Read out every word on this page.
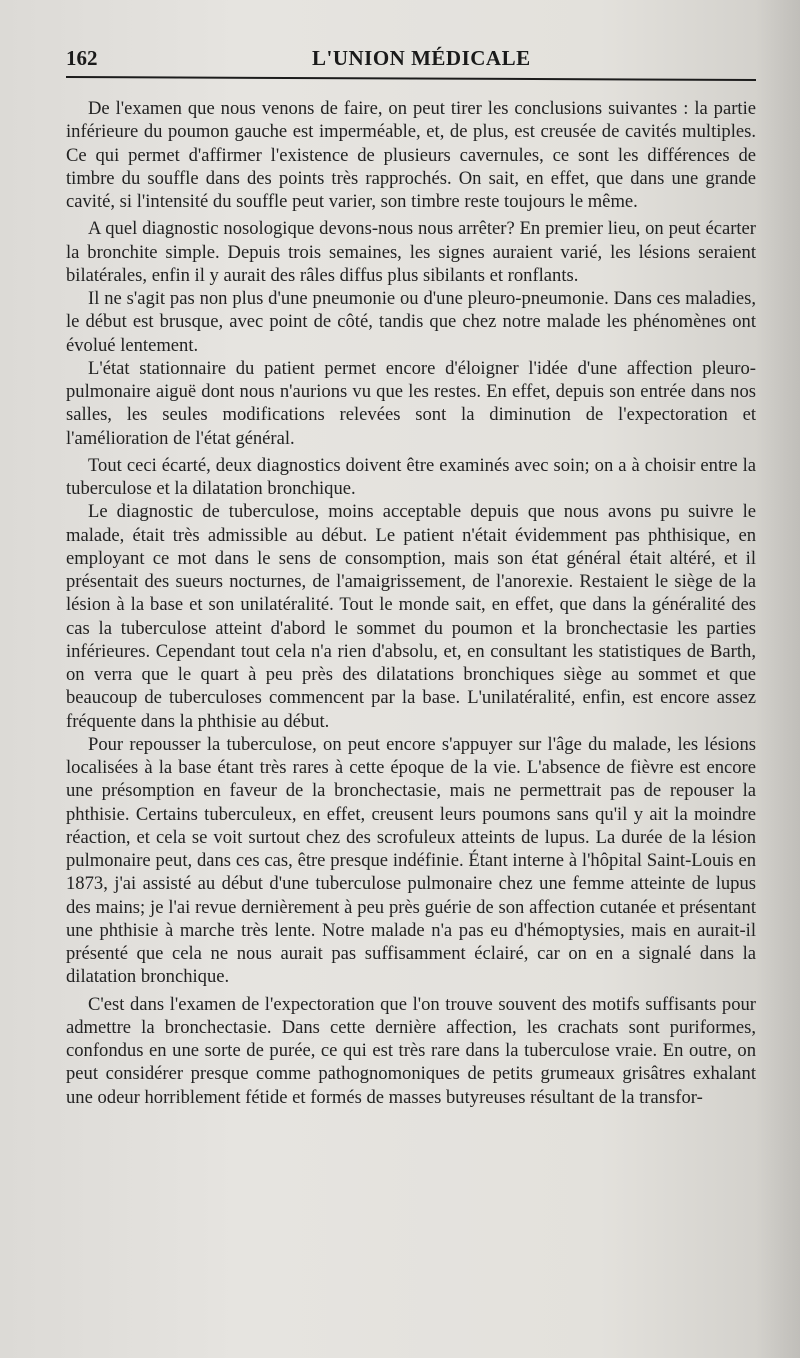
162	L'UNION MÉDICALE

De l'examen que nous venons de faire, on peut tirer les conclusions suivantes : la partie inférieure du poumon gauche est imperméable, et, de plus, est creusée de cavités multiples. Ce qui permet d'affirmer l'existence de plusieurs cavernules, ce sont les différences de timbre du souffle dans des points très rapprochés. On sait, en effet, que dans une grande cavité, si l'intensité du souffle peut varier, son timbre reste toujours le même.

A quel diagnostic nosologique devons-nous nous arrêter? En premier lieu, on peut écarter la bronchite simple. Depuis trois semaines, les signes auraient varié, les lésions seraient bilatérales, enfin il y aurait des râles diffus plus sibilants et ronflants.

Il ne s'agit pas non plus d'une pneumonie ou d'une pleuro-pneumonie. Dans ces maladies, le début est brusque, avec point de côté, tandis que chez notre malade les phénomènes ont évolué lentement.

L'état stationnaire du patient permet encore d'éloigner l'idée d'une affection pleuro-pulmonaire aiguë dont nous n'aurions vu que les restes. En effet, depuis son entrée dans nos salles, les seules modifications relevées sont la diminution de l'expectoration et l'amélioration de l'état général.

Tout ceci écarté, deux diagnostics doivent être examinés avec soin; on a à choisir entre la tuberculose et la dilatation bronchique.

Le diagnostic de tuberculose, moins acceptable depuis que nous avons pu suivre le malade, était très admissible au début. Le patient n'était évidemment pas phthisique, en employant ce mot dans le sens de consomption, mais son état général était altéré, et il présentait des sueurs nocturnes, de l'amaigrissement, de l'anorexie. Restaient le siège de la lésion à la base et son unilatéralité. Tout le monde sait, en effet, que dans la généralité des cas la tuberculose atteint d'abord le sommet du poumon et la bronchectasie les parties inférieures. Cependant tout cela n'a rien d'absolu, et, en consultant les statistiques de Barth, on verra que le quart à peu près des dilatations bronchiques siège au sommet et que beaucoup de tuberculoses commencent par la base. L'unilatéralité, enfin, est encore assez fréquente dans la phthisie au début.

Pour repousser la tuberculose, on peut encore s'appuyer sur l'âge du malade, les lésions localisées à la base étant très rares à cette époque de la vie. L'absence de fièvre est encore une présomption en faveur de la bronchectasie, mais ne permettrait pas de repouser la phthisie. Certains tuberculeux, en effet, creusent leurs poumons sans qu'il y ait la moindre réaction, et cela se voit surtout chez des scrofuleux atteints de lupus. La durée de la lésion pulmonaire peut, dans ces cas, être presque indéfinie. Étant interne à l'hôpital Saint-Louis en 1873, j'ai assisté au début d'une tuberculose pulmonaire chez une femme atteinte de lupus des mains; je l'ai revue dernièrement à peu près guérie de son affection cutanée et présentant une phthisie à marche très lente. Notre malade n'a pas eu d'hémoptysies, mais en aurait-il présenté que cela ne nous aurait pas suffisamment éclairé, car on en a signalé dans la dilatation bronchique.

C'est dans l'examen de l'expectoration que l'on trouve souvent des motifs suffisants pour admettre la bronchectasie. Dans cette dernière affection, les crachats sont puriformes, confondus en une sorte de purée, ce qui est très rare dans la tuberculose vraie. En outre, on peut considérer presque comme pathognomoniques de petits grumeaux grisâtres exhalant une odeur horriblement fétide et formés de masses butyreuses résultant de la transfor-
